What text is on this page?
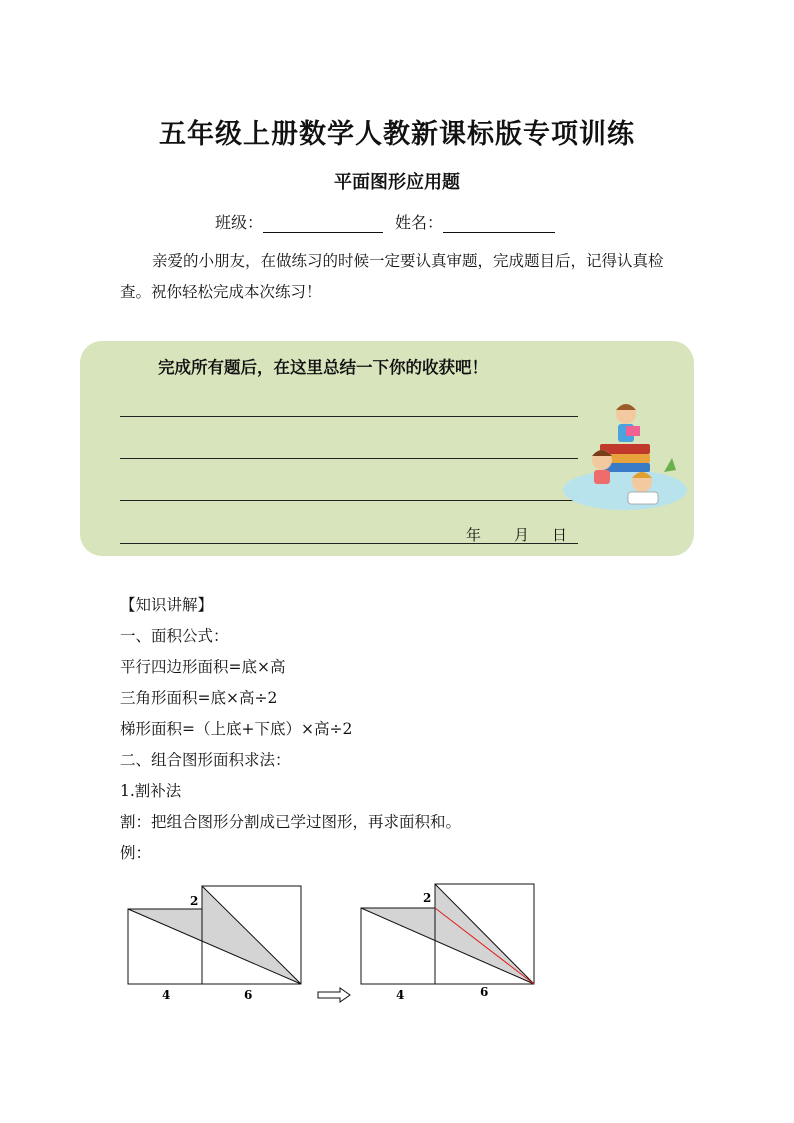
五年级上册数学人教新课标版专项训练
平面图形应用题
班级：	姓名：
亲爱的小朋友，在做练习的时候一定要认真审题，完成题目后，记得认真检查。祝你轻松完成本次练习！
完成所有题后，在这里总结一下你的收获吧！
年 月 日
【知识讲解】
一、面积公式：
平行四边形面积=底×高
三角形面积=底×高÷2
梯形面积=（上底+下底）×高÷2
二、组合图形面积求法：
1.割补法
割：把组合图形分割成已学过图形，再求面积和。
例：
2
4	6
2
4	6
